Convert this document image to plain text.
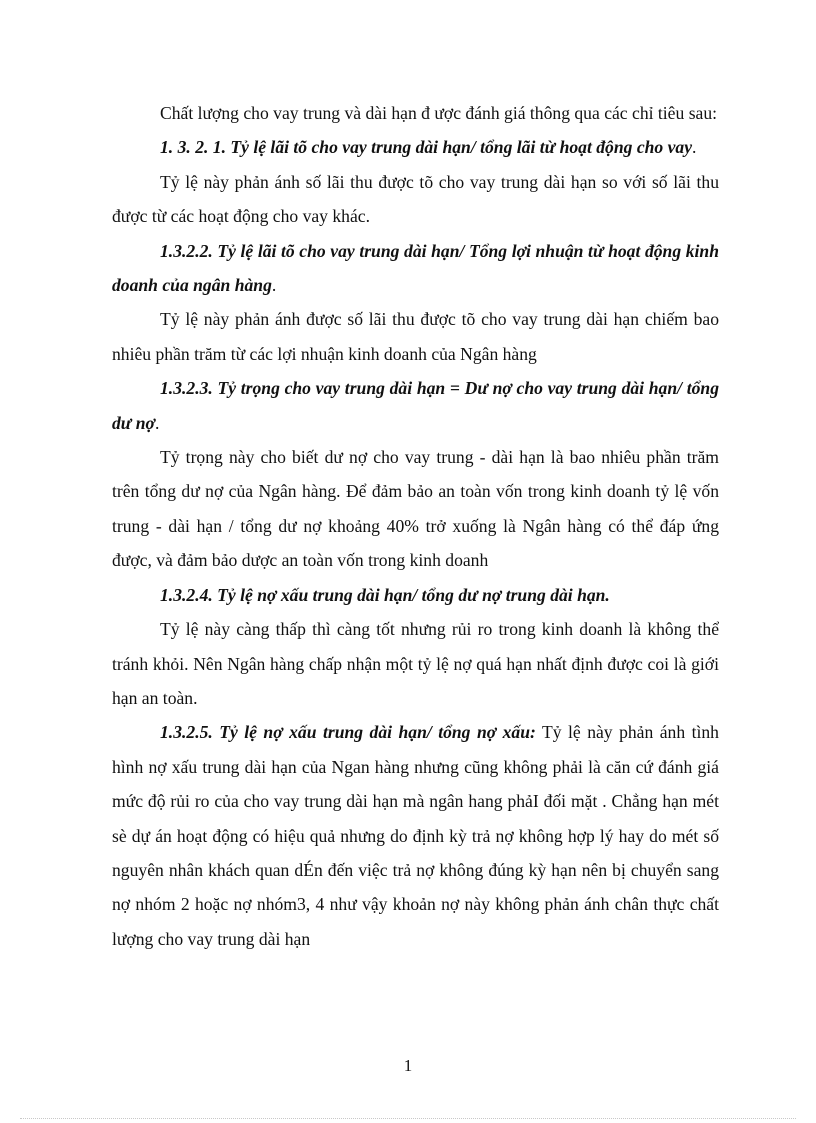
Chất lượng cho vay trung và dài hạn đ ược đánh giá thông qua các chỉ tiêu sau:

1. 3. 2. 1. Tỷ lệ lãi tõ cho vay trung dài hạn/ tổng lãi từ hoạt động cho vay.

Tỷ lệ này phản ánh số lãi thu được tõ cho vay trung dài hạn so với số lãi thu được từ các hoạt động cho vay khác.

1.3.2.2. Tỷ lệ lãi tõ cho vay trung dài hạn/ Tổng lợi nhuận từ hoạt động kinh doanh của ngân hàng.

Tỷ lệ này phản ánh được số lãi thu được tõ cho vay trung dài hạn chiếm bao nhiêu phần trăm từ các lợi nhuận kinh doanh của Ngân hàng

1.3.2.3. Tỷ trọng cho vay trung dài hạn = Dư nợ cho vay trung dài hạn/ tổng dư nợ.

Tỷ trọng này cho biết dư nợ cho vay trung - dài hạn là bao nhiêu phần trăm trên tổng dư nợ của Ngân hàng. Để đảm bảo an toàn vốn trong kinh doanh tỷ lệ vốn trung - dài hạn / tổng dư nợ khoảng 40% trở xuống là Ngân hàng có thể đáp ứng được, và đảm bảo dược an toàn vốn trong kinh doanh

1.3.2.4. Tỷ lệ nợ xấu trung dài hạn/ tổng dư nợ trung dài hạn.

Tỷ lệ này càng thấp thì càng tốt nhưng rủi ro trong kinh doanh là không thể tránh khỏi. Nên Ngân hàng chấp nhận một tỷ lệ nợ quá hạn nhất định được coi là giới hạn an toàn.

1.3.2.5. Tỷ lệ nợ xấu trung dài hạn/ tổng nợ xấu: Tỷ lệ này phản ánh tình hình nợ xấu trung dài hạn của Ngan hàng nhưng cũng không phải là căn cứ đánh giá mức độ rủi ro của cho vay trung dài hạn mà ngân hang phảI đối mặt . Chẳng hạn mét sè dự án hoạt động có hiệu quả nhưng do định kỳ trả nợ không hợp lý hay do mét số nguyên nhân khách quan dÉn đến việc trả nợ không đúng kỳ hạn nên bị chuyển sang nợ nhóm 2 hoặc nợ nhóm3, 4 như vậy khoản nợ này không phản ánh chân thực chất lượng cho vay trung dài hạn

1
